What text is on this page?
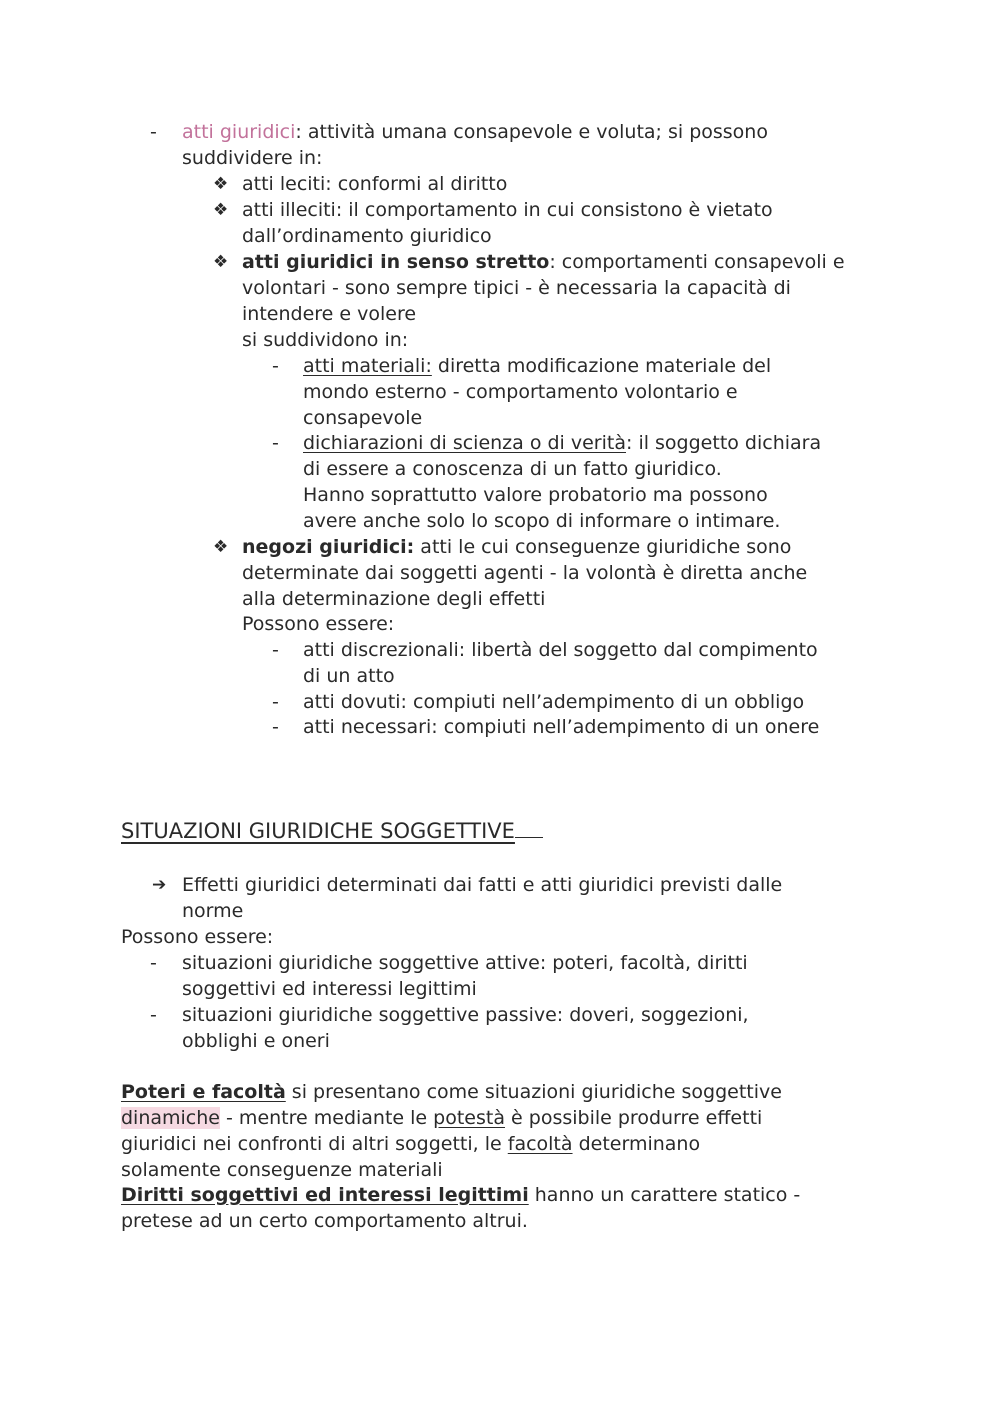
- atti giuridici: attività umana consapevole e voluta; si possono
suddividere in:
❖ atti leciti: conformi al diritto
❖ atti illeciti: il comportamento in cui consistono è vietato
dall’ordinamento giuridico
❖ atti giuridici in senso stretto: comportamenti consapevoli e
volontari - sono sempre tipici - è necessaria la capacità di
intendere e volere
si suddividono in:
- atti materiali: diretta modificazione materiale del
mondo esterno - comportamento volontario e
consapevole
- dichiarazioni di scienza o di verità: il soggetto dichiara
di essere a conoscenza di un fatto giuridico.
Hanno soprattutto valore probatorio ma possono
avere anche solo lo scopo di informare o intimare.
❖ negozi giuridici: atti le cui conseguenze giuridiche sono
determinate dai soggetti agenti - la volontà è diretta anche
alla determinazione degli effetti
Possono essere:
- atti discrezionali: libertà del soggetto dal compimento
di un atto
- atti dovuti: compiuti nell’adempimento di un obbligo
- atti necessari: compiuti nell’adempimento di un onere
SITUAZIONI GIURIDICHE SOGGETTIVE
➔ Effetti giuridici determinati dai fatti e atti giuridici previsti dalle
norme
Possono essere:
- situazioni giuridiche soggettive attive: poteri, facoltà, diritti
soggettivi ed interessi legittimi
- situazioni giuridiche soggettive passive: doveri, soggezioni,
obblighi e oneri
Poteri e facoltà si presentano come situazioni giuridiche soggettive
dinamiche - mentre mediante le potestà è possibile produrre effetti
giuridici nei confronti di altri soggetti, le facoltà determinano
solamente conseguenze materiali
Diritti soggettivi ed interessi legittimi hanno un carattere statico -
pretese ad un certo comportamento altrui.
